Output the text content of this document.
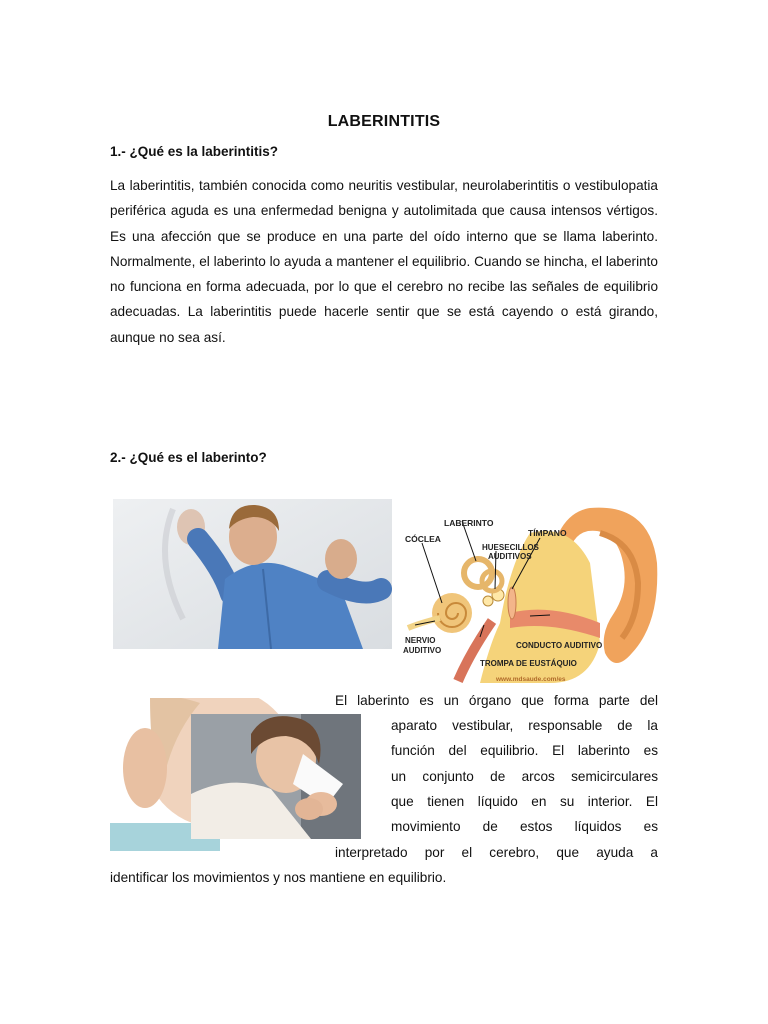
LABERINTITIS
1.- ¿Qué es la laberintitis?

La laberintitis, también conocida como neuritis vestibular, neurolaberintitis o vestibulopatia periférica aguda es una enfermedad benigna y autolimitada que causa intensos vértigos. Es una afección que se produce en una parte del oído interno que se llama laberinto. Normalmente, el laberinto lo ayuda a mantener el equilibrio. Cuando se hincha, el laberinto no funciona en forma adecuada, por lo que el cerebro no recibe las señales de equilibrio adecuadas. La laberintitis puede hacerle sentir que se está cayendo o está girando, aunque no sea así.

2.- ¿Qué es el laberinto?
LABERINTO
TÍMPANO
CÓCLEA
HUESECILLOS
AUDITIVOS
NERVIO
AUDITIVO
CONDUCTO AUDITIVO
TROMPA DE EUSTÁQUIO
www.mdsaude.com/es
El laberinto es un órgano que forma parte del
aparato vestibular, responsable de la
función del equilibrio. El laberinto es
un conjunto de arcos semicirculares
que tienen líquido en su interior. El
movimiento de estos líquidos es
interpretado por el cerebro, que ayuda a
identificar los movimientos y nos mantiene en equilibrio.
